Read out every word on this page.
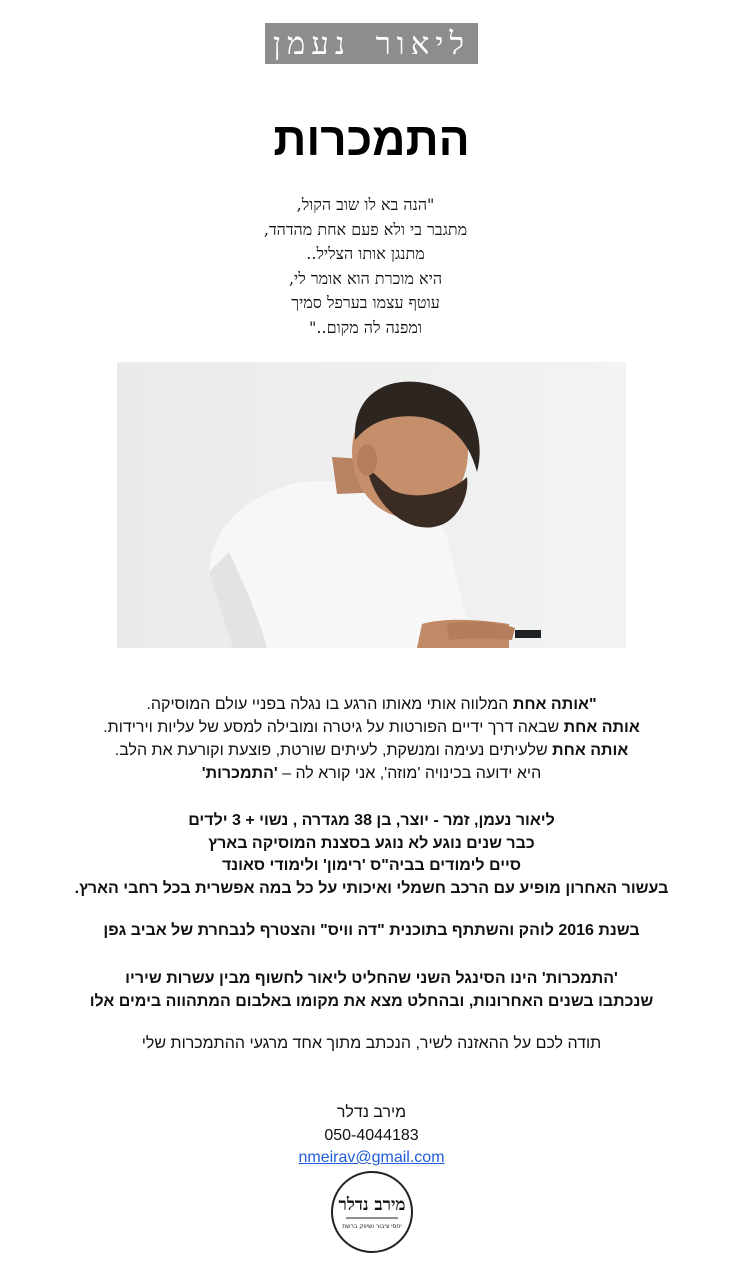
ליאור נעמן
התמכרות
"הנה בא לו שוב הקול,
מתגבר בי ולא פעם אחת מהדהד,
מתנגן אותו הצליל..
היא מוכרת הוא אומר לי,
עוטף עצמו בערפל סמיך
ומפנה לה מקום.."
"אותה אחת המלווה אותי מאותו הרגע בו נגלה בפניי עולם המוסיקה.
אותה אחת שבאה דרך ידיים הפורטות על גיטרה ומובילה למסע של עליות וירידות.
אותה אחת שלעיתים נעימה ומנשקת, לעיתים שורטת, פוצעת וקורעת את הלב.
היא ידועה בכינויה 'מוזה', אני קורא לה – 'התמכרות'
ליאור נעמן, זמר - יוצר, בן 38 מגדרה , נשוי + 3 ילדים
כבר שנים נוגע לא נוגע בסצנת המוסיקה בארץ
סיים לימודים בביה"ס 'רימון' ולימודי סאונד
בעשור האחרון מופיע עם הרכב חשמלי ואיכותי על כל במה אפשרית בכל רחבי הארץ.
בשנת 2016 לוהק והשתתף בתוכנית "דה וויס" והצטרף לנבחרת של אביב גפן
'התמכרות' הינו הסינגל השני שהחליט ליאור לחשוף מבין עשרות שיריו
שנכתבו בשנים האחרונות, ובהחלט מצא את מקומו באלבום המתהווה בימים אלו
תודה לכם על ההאזנה לשיר, הנכתב מתוך אחד מרגעי ההתמכרות שלי
מירב נדלר
050-4044183
nmeirav@gmail.com
מירב נדלר
יחסי ציבור ושיווק ברשת
